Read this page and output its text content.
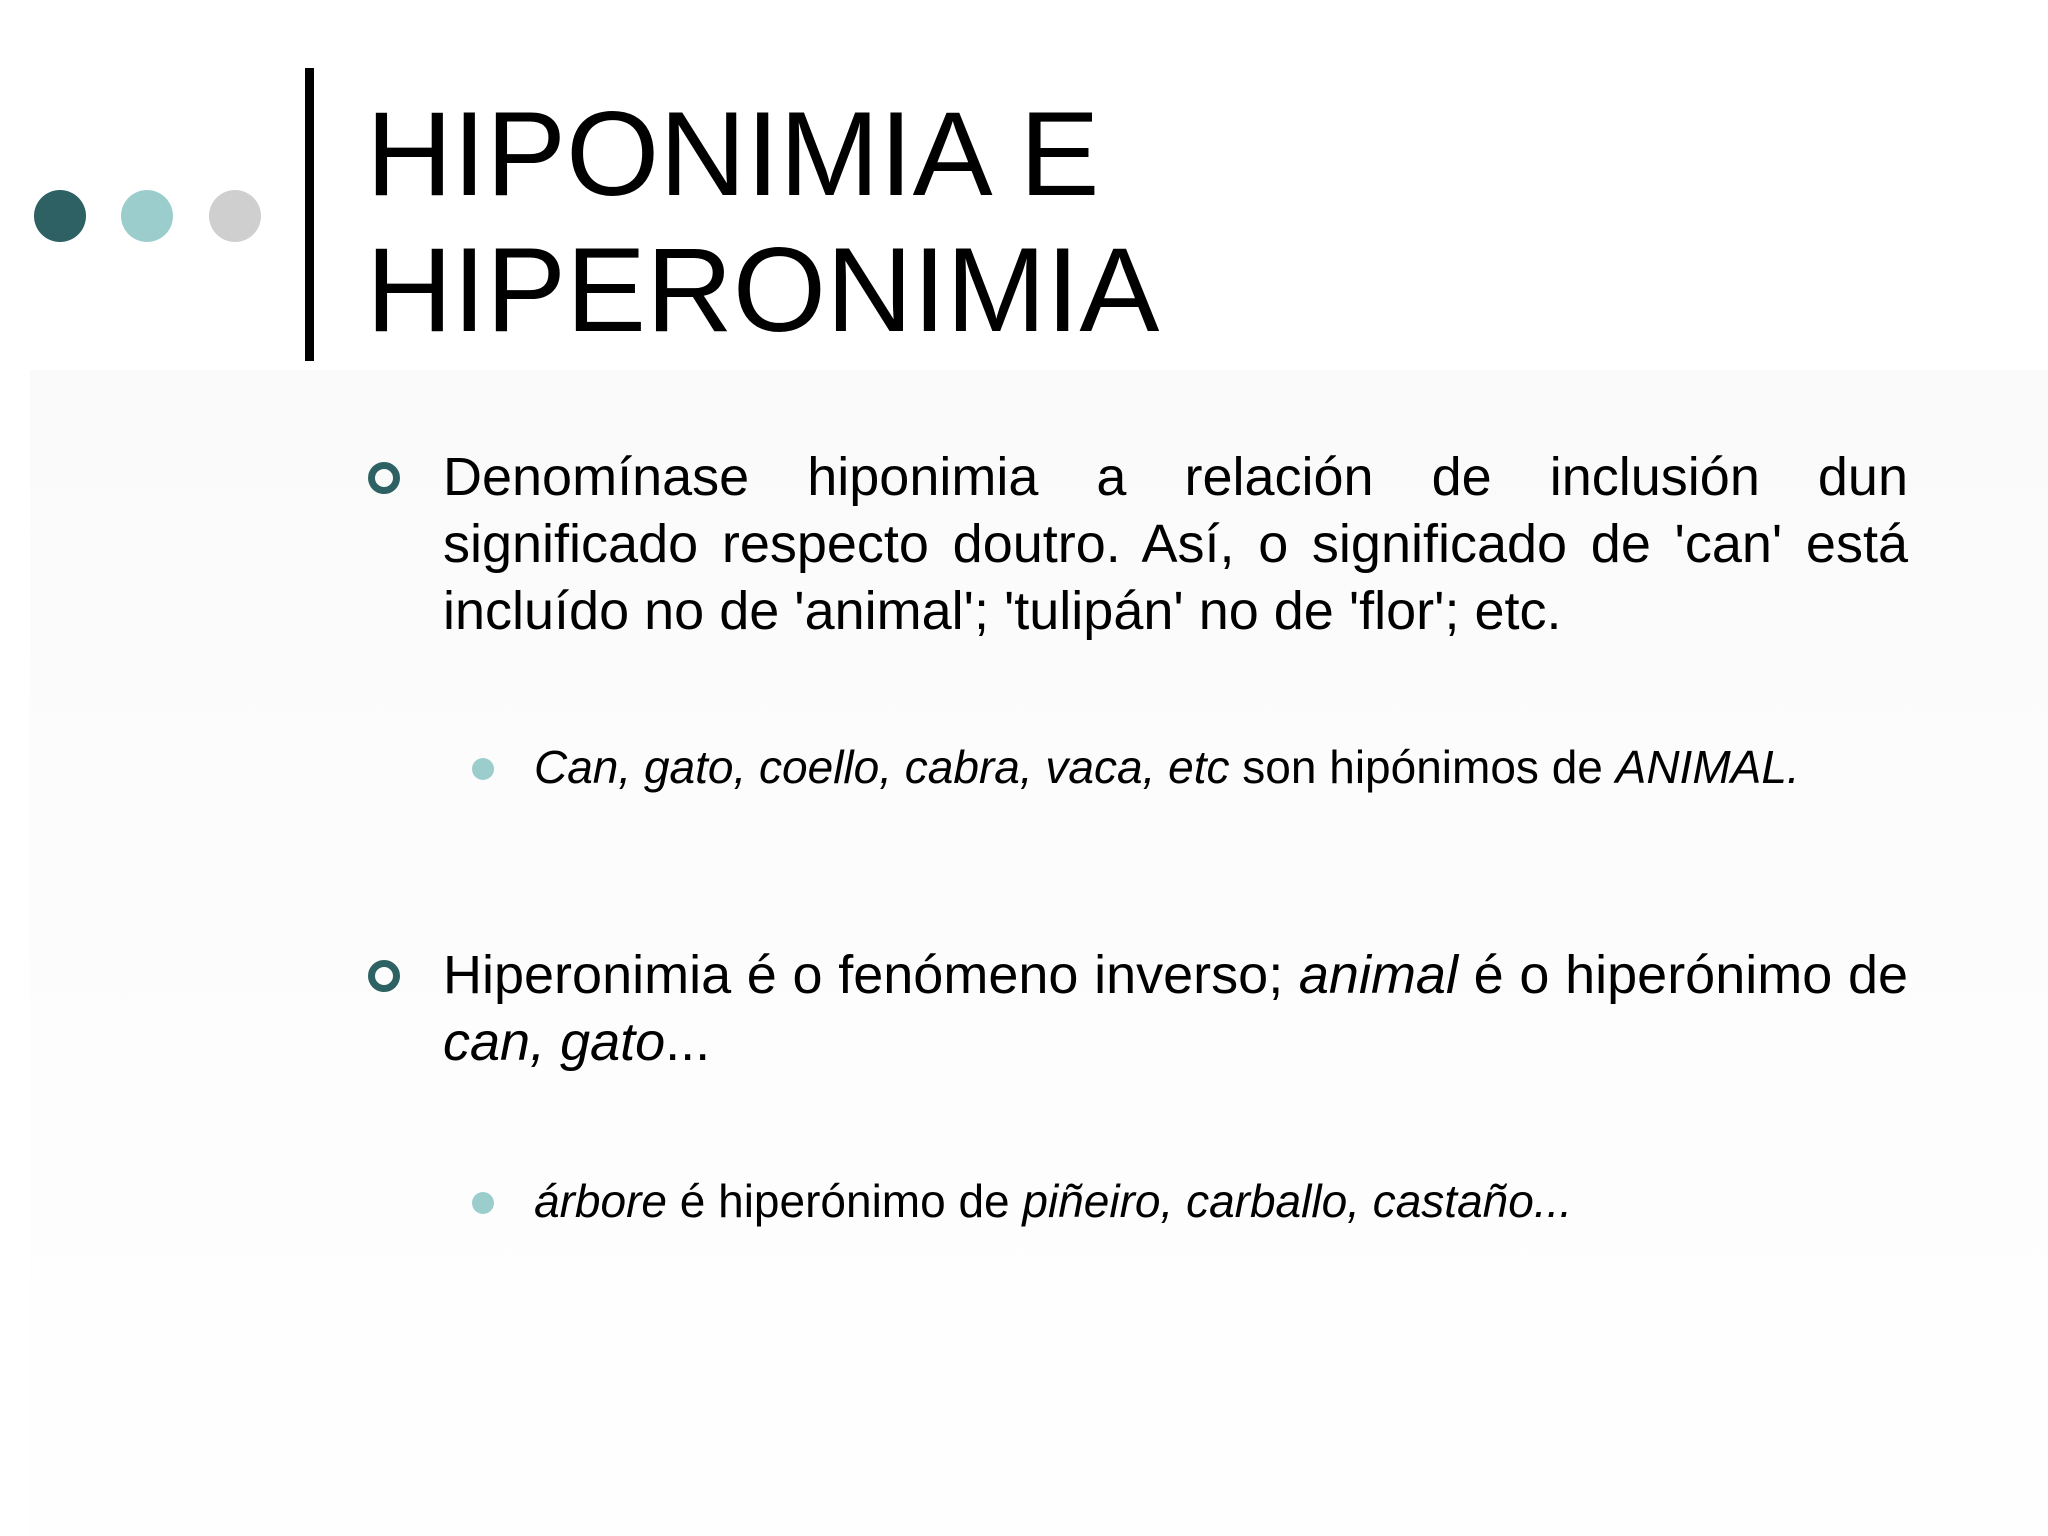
HIPONIMIA E
HIPERONIMIA
Denomínase hiponimia a relación de inclusión dun significado respecto doutro. Así, o significado de 'can' está incluído no de 'animal'; 'tulipán' no de 'flor'; etc.
Can, gato, coello, cabra, vaca, etc son hipónimos de ANIMAL.
Hiperonimia é o fenómeno inverso; animal é o hiperónimo de can, gato...
árbore é hiperónimo de piñeiro, carballo, castaño...
